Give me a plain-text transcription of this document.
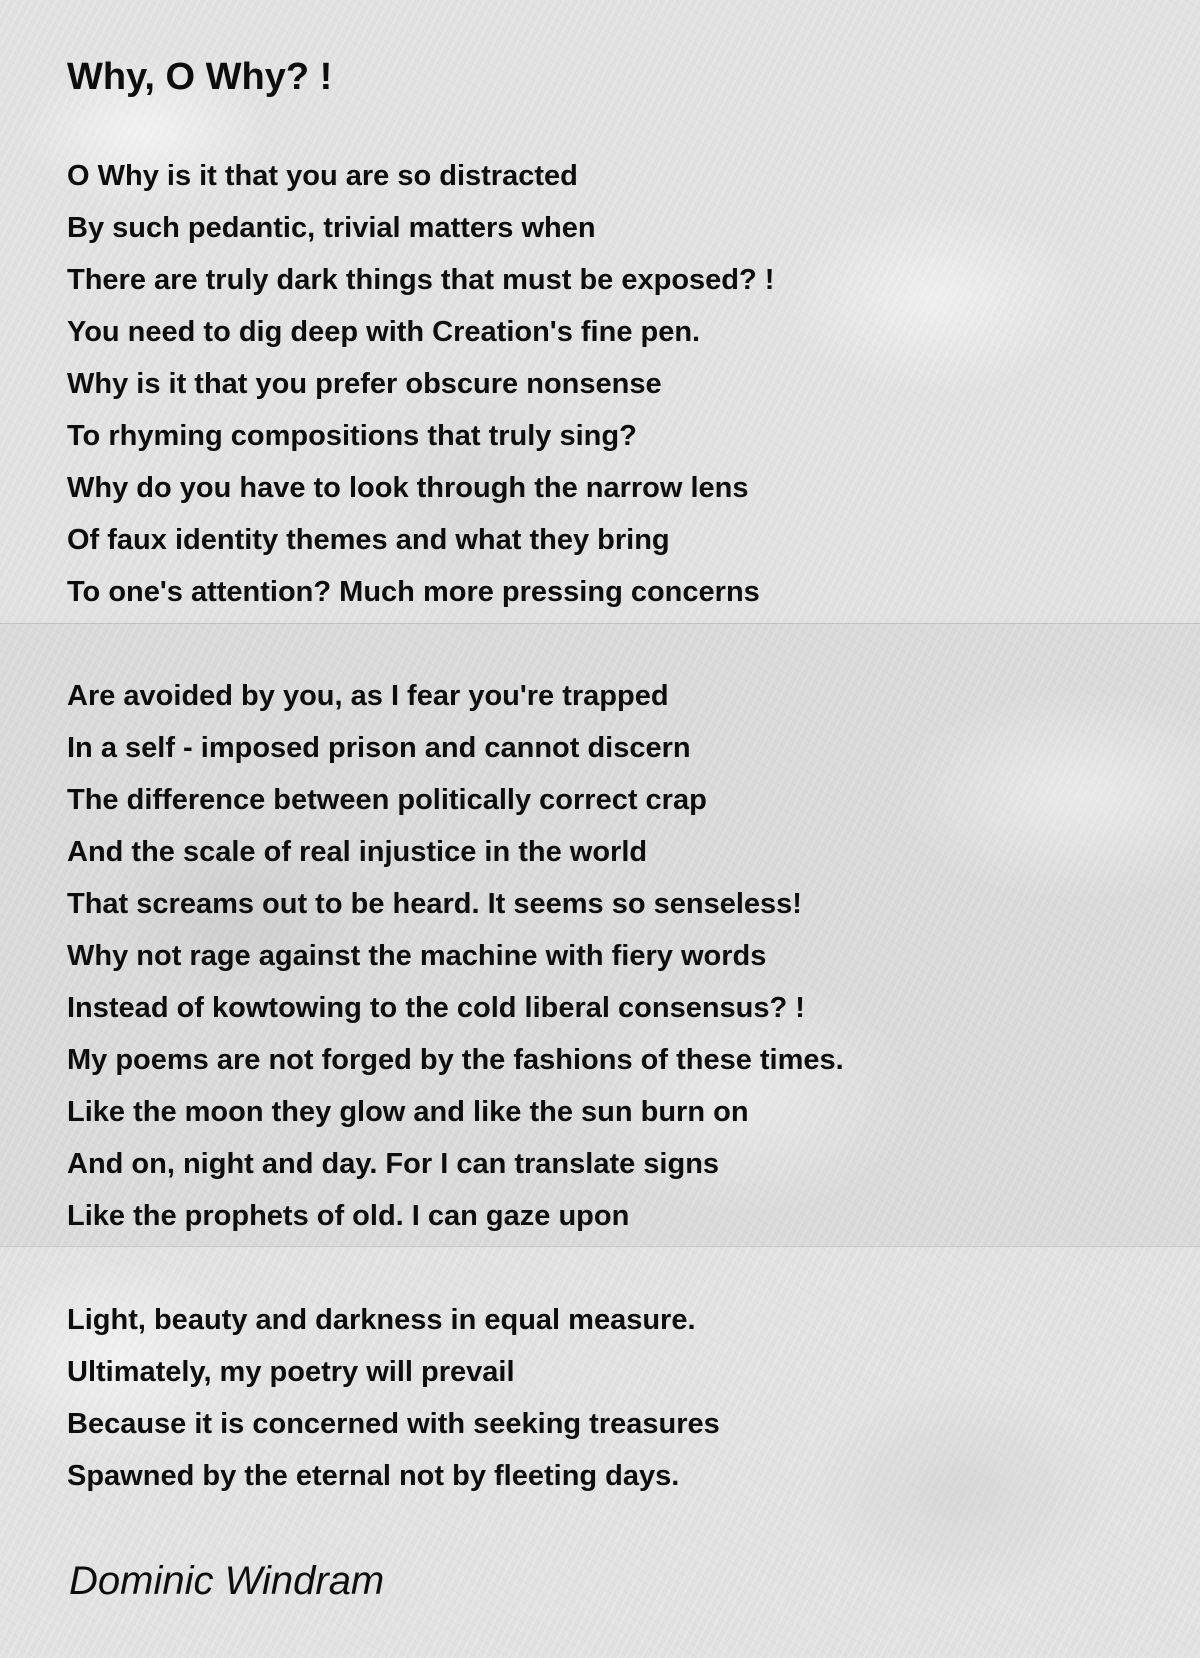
Why, O Why? !
O Why is it that you are so distracted
By such pedantic, trivial matters when
There are truly dark things that must be exposed? !
You need to dig deep with Creation's fine pen.
Why is it that you prefer obscure nonsense
To rhyming compositions that truly sing?
Why do you have to look through the narrow lens
Of faux identity themes and what they bring
To one's attention? Much more pressing concerns
Are avoided by you, as I fear you're trapped
In a self - imposed prison and cannot discern
The difference between politically correct crap
And the scale of real injustice in the world
That screams out to be heard. It seems so senseless!
Why not rage against the machine with fiery words
Instead of kowtowing to the cold liberal consensus? !
My poems are not forged by the fashions of these times.
Like the moon they glow and like the sun burn on
And on, night and day. For I can translate signs
Like the prophets of old. I can gaze upon
Light, beauty and darkness in equal measure.
Ultimately, my poetry will prevail
Because it is concerned with seeking treasures
Spawned by the eternal not by fleeting days.

Dominic Windram
